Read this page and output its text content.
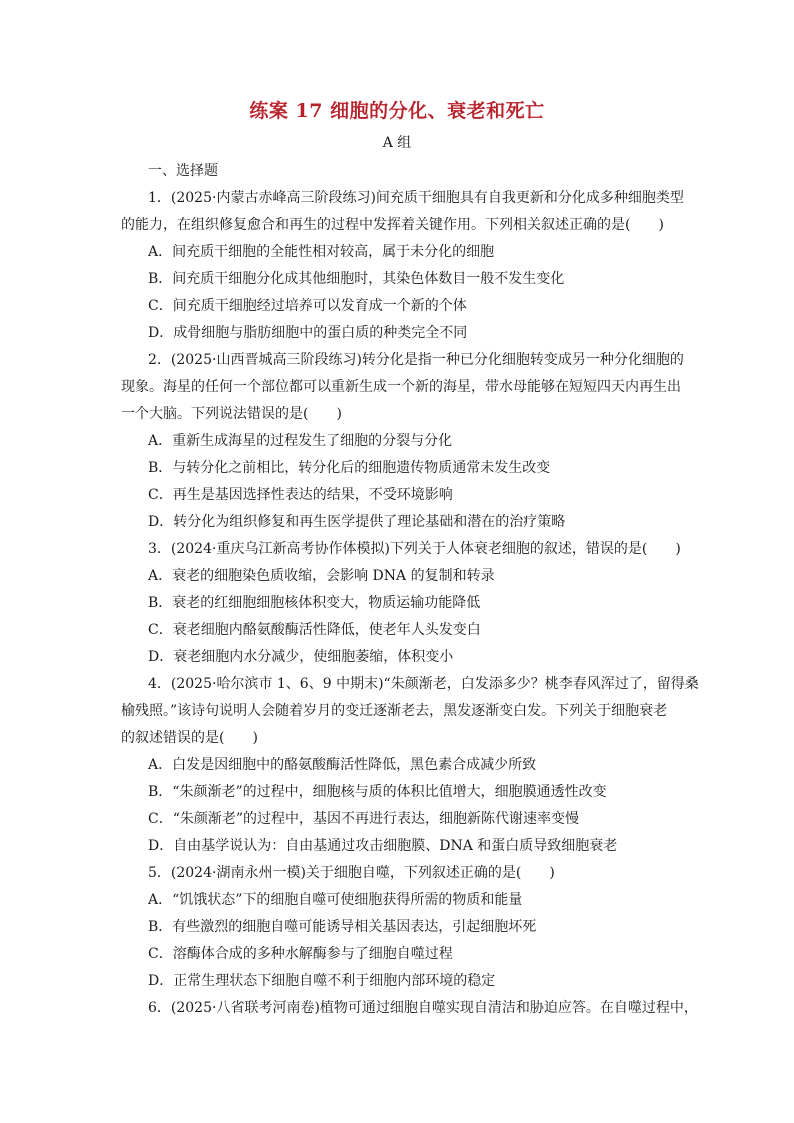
练案 17 细胞的分化、衰老和死亡
A 组
一、选择题
1．(2025·内蒙古赤峰高三阶段练习)间充质干细胞具有自我更新和分化成多种细胞类型
的能力，在组织修复愈合和再生的过程中发挥着关键作用。下列相关叙述正确的是(　　)
A．间充质干细胞的全能性相对较高，属于未分化的细胞
B．间充质干细胞分化成其他细胞时，其染色体数目一般不发生变化
C．间充质干细胞经过培养可以发育成一个新的个体
D．成骨细胞与脂肪细胞中的蛋白质的种类完全不同
2．(2025·山西晋城高三阶段练习)转分化是指一种已分化细胞转变成另一种分化细胞的
现象。海星的任何一个部位都可以重新生成一个新的海星，带水母能够在短短四天内再生出
一个大脑。下列说法错误的是(　　)
A．重新生成海星的过程发生了细胞的分裂与分化
B．与转分化之前相比，转分化后的细胞遗传物质通常未发生改变
C．再生是基因选择性表达的结果，不受环境影响
D．转分化为组织修复和再生医学提供了理论基础和潜在的治疗策略
3．(2024·重庆乌江新高考协作体模拟)下列关于人体衰老细胞的叙述，错误的是(　　)
A．衰老的细胞染色质收缩，会影响 DNA 的复制和转录
B．衰老的红细胞细胞核体积变大，物质运输功能降低
C．衰老细胞内酪氨酸酶活性降低，使老年人头发变白
D．衰老细胞内水分减少，使细胞萎缩，体积变小
4．(2025·哈尔滨市 1、6、9 中期末)“朱颜渐老，白发添多少？桃李春风浑过了，留得桑
榆残照。”该诗句说明人会随着岁月的变迁逐渐老去，黑发逐渐变白发。下列关于细胞衰老
的叙述错误的是(　　)
A．白发是因细胞中的酪氨酸酶活性降低，黑色素合成减少所致
B．“朱颜渐老”的过程中，细胞核与质的体积比值增大，细胞膜通透性改变
C．“朱颜渐老”的过程中，基因不再进行表达，细胞新陈代谢速率变慢
D．自由基学说认为：自由基通过攻击细胞膜、DNA 和蛋白质导致细胞衰老
5．(2024·湖南永州一模)关于细胞自噬，下列叙述正确的是(　　)
A．“饥饿状态”下的细胞自噬可使细胞获得所需的物质和能量
B．有些激烈的细胞自噬可能诱导相关基因表达，引起细胞坏死
C．溶酶体合成的多种水解酶参与了细胞自噬过程
D．正常生理状态下细胞自噬不利于细胞内部环境的稳定
6．(2025·八省联考河南卷)植物可通过细胞自噬实现自清洁和胁迫应答。在自噬过程中，
